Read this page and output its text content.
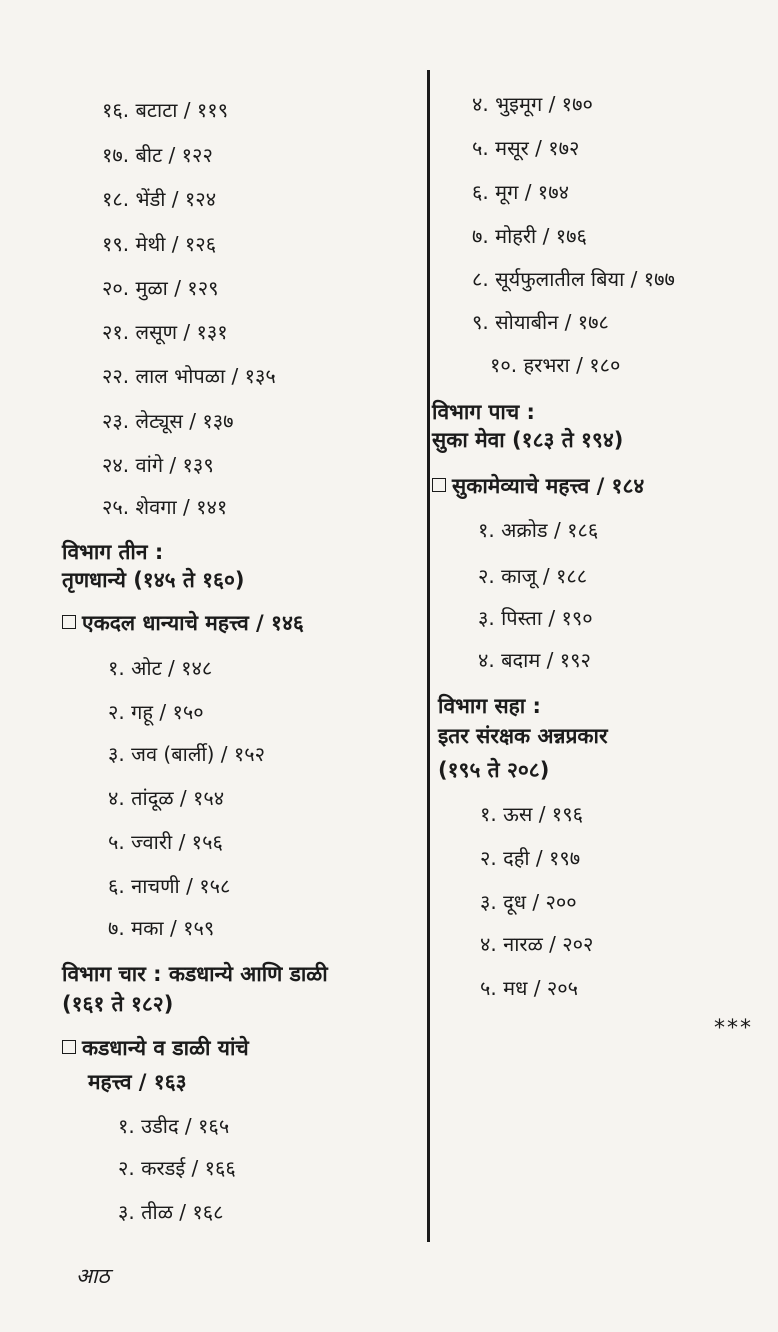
१६. बटाटा / ११९
१७. बीट / १२२
१८. भेंडी / १२४
१९. मेथी / १२६
२०. मुळा / १२९
२१. लसूण / १३१
२२. लाल भोपळा / १३५
२३. लेट्यूस / १३७
२४. वांगे / १३९
२५. शेवगा / १४१
विभाग तीन :
तृणधान्ये (१४५ ते १६०)
एकदल धान्याचे महत्त्व / १४६
१. ओट / १४८
२. गहू / १५०
३. जव (बार्ली) / १५२
४. तांदूळ / १५४
५. ज्वारी / १५६
६. नाचणी / १५८
७. मका / १५९
विभाग चार : कडधान्ये आणि डाळी
(१६१ ते १८२)
कडधान्ये व डाळी यांचे
महत्त्व / १६३
१. उडीद / १६५
२. करडई / १६६
३. तीळ / १६८
४. भुइमूग / १७०
५. मसूर / १७२
६. मूग / १७४
७. मोहरी / १७६
८. सूर्यफुलातील बिया / १७७
९. सोयाबीन / १७८
१०. हरभरा / १८०
विभाग पाच :
सुका मेवा (१८३ ते १९४)
सुकामेव्याचे महत्त्व / १८४
१. अक्रोड / १८६
२. काजू / १८८
३. पिस्ता / १९०
४. बदाम / १९२
विभाग सहा :
इतर संरक्षक अन्नप्रकार
(१९५ ते २०८)
१. ऊस / १९६
२. दही / १९७
३. दूध / २००
४. नारळ / २०२
५. मध / २०५
***
आठ
